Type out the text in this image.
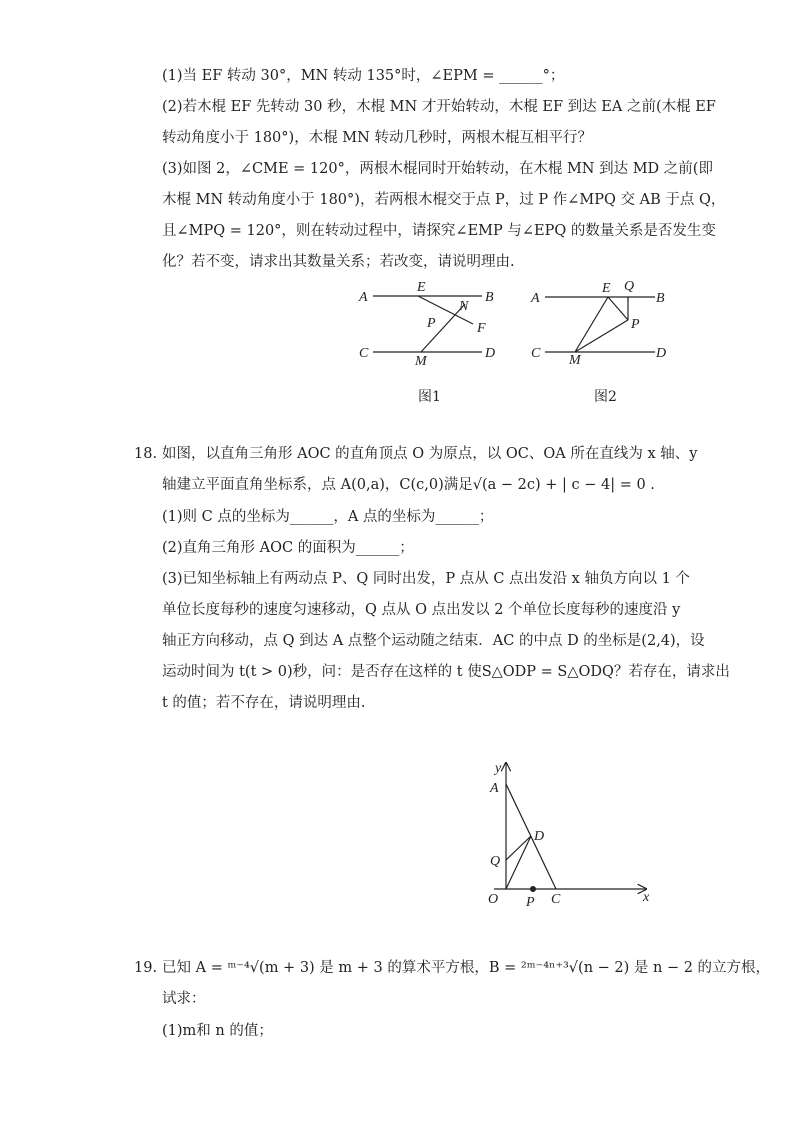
(1)当 EF 转动 30°，MN 转动 135°时，∠EPM = ______°；
(2)若木棍 EF 先转动 30 秒，木棍 MN 才开始转动，木棍 EF 到达 EA 之前(木棍 EF
转动角度小于 180°)，木棍 MN 转动几秒时，两根木棍互相平行？
(3)如图 2，∠CME = 120°，两根木棍同时开始转动，在木棍 MN 到达 MD 之前(即
木棍 MN 转动角度小于 180°)，若两根木棍交于点 P，过 P 作∠MPQ 交 AB 于点 Q，
且∠MPQ = 120°，则在转动过程中，请探究∠EMP 与∠EPQ 的数量关系是否发生变
化？若不变，请求出其数量关系；若改变，请说明理由.
A	B
C	D
E
F
M
N
P
图1
A	B
C	D
E Q
P
M
图2
18. 如图，以直角三角形 AOC 的直角顶点 O 为原点，以 OC、OA 所在直线为 x 轴、y
轴建立平面直角坐标系，点 A(0,a)，C(c,0)满足√(a − 2c) + | c − 4| = 0 .
(1)则 C 点的坐标为______，A 点的坐标为______；
(2)直角三角形 AOC 的面积为______；
(3)已知坐标轴上有两动点 P、Q 同时出发，P 点从 C 点出发沿 x 轴负方向以 1 个
单位长度每秒的速度匀速移动，Q 点从 O 点出发以 2 个单位长度每秒的速度沿 y
轴正方向移动，点 Q 到达 A 点整个运动随之结束．AC 的中点 D 的坐标是(2,4)，设
运动时间为 t(t > 0)秒，问：是否存在这样的 t 使S△ODP = S△ODQ？若存在，请求出
t 的值；若不存在，请说明理由.
y
x
A
D
Q
O P C
19. 已知 A = ᵐ⁻⁴√(m + 3) 是 m + 3 的算术平方根，B = ²ᵐ⁻⁴ⁿ⁺³√(n − 2) 是 n − 2 的立方根，
试求：
(1)m和 n 的值；
